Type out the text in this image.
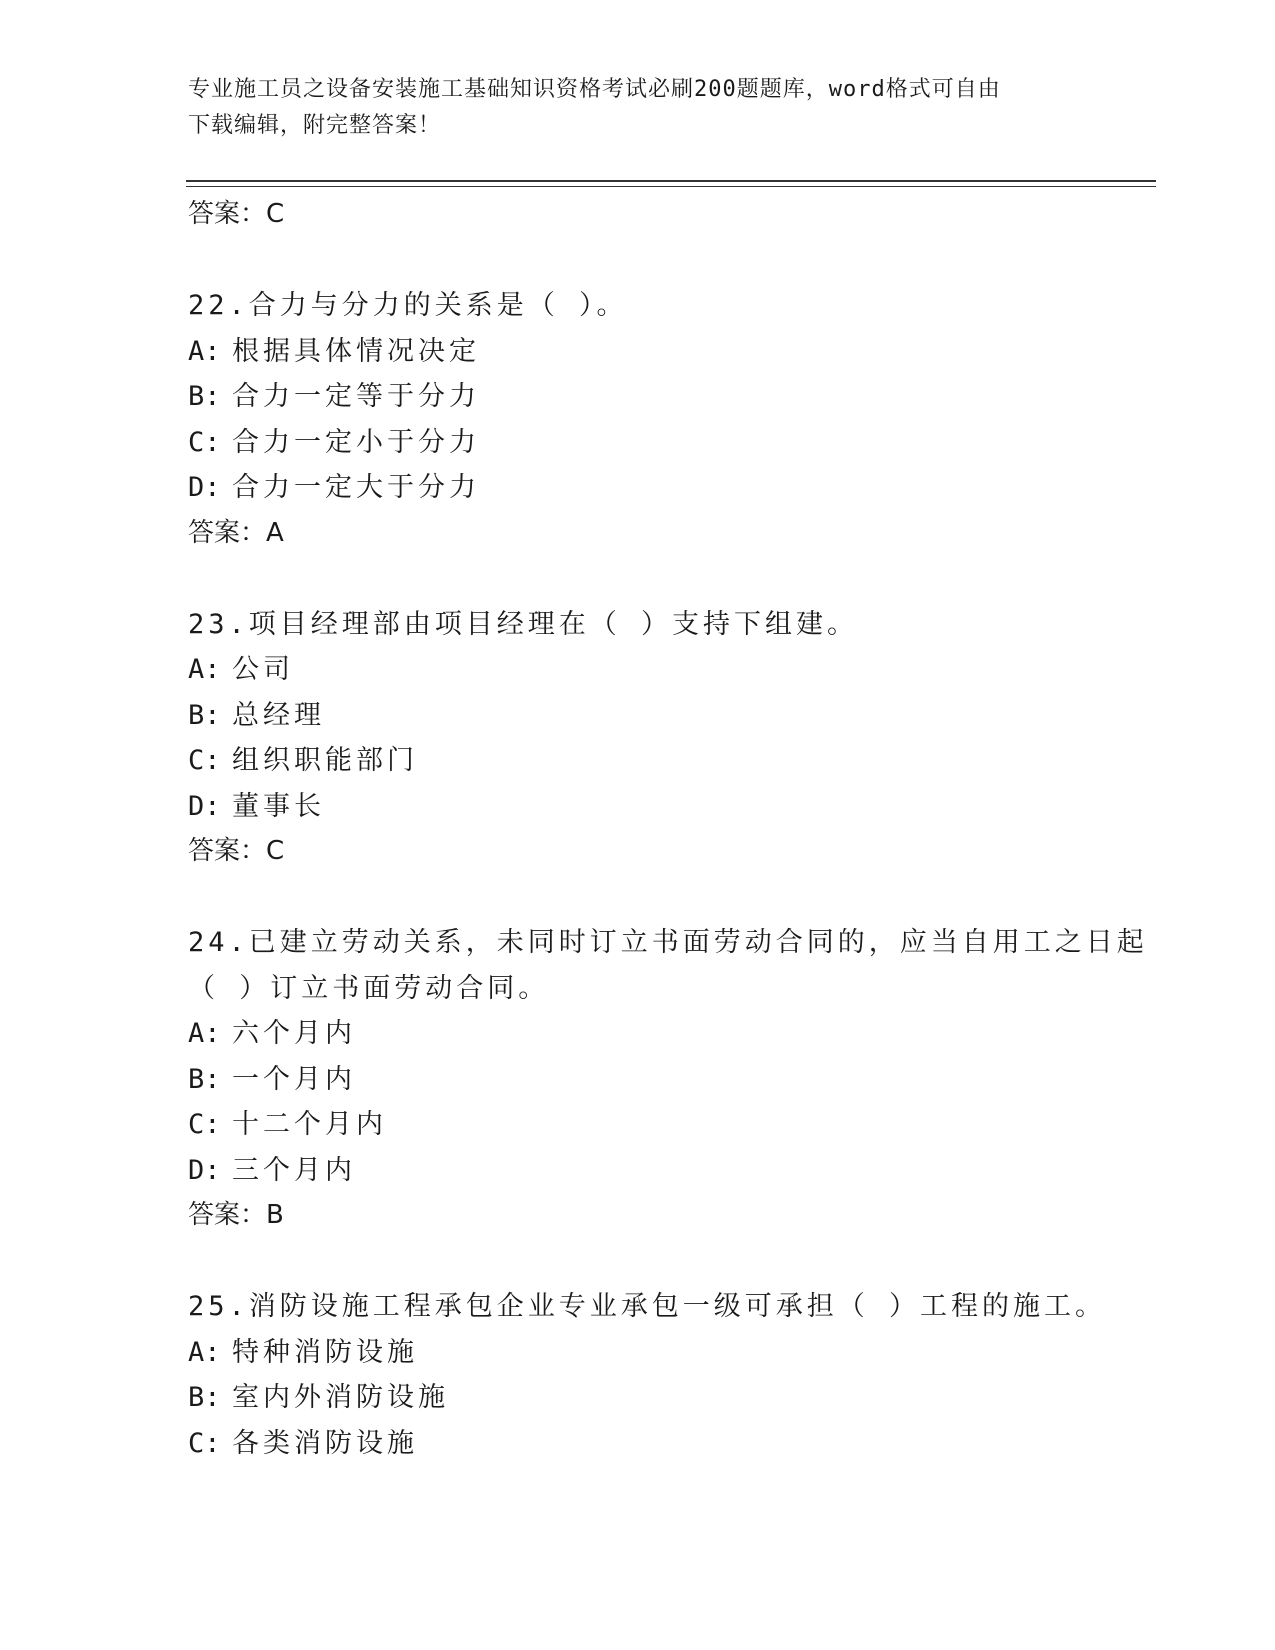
专业施工员之设备安装施工基础知识资格考试必刷200题题库，word格式可自由
下载编辑，附完整答案！
答案：C
22.合力与分力的关系是（ ）。
A: 根据具体情况决定
B: 合力一定等于分力
C: 合力一定小于分力
D: 合力一定大于分力
答案：A
23.项目经理部由项目经理在（ ）支持下组建。
A: 公司
B: 总经理
C: 组织职能部门
D: 董事长
答案：C
24.已建立劳动关系，未同时订立书面劳动合同的，应当自用工之日起（ ）订立书面劳动合同。
A: 六个月内
B: 一个月内
C: 十二个月内
D: 三个月内
答案：B
25.消防设施工程承包企业专业承包一级可承担（ ）工程的施工。
A: 特种消防设施
B: 室内外消防设施
C: 各类消防设施
